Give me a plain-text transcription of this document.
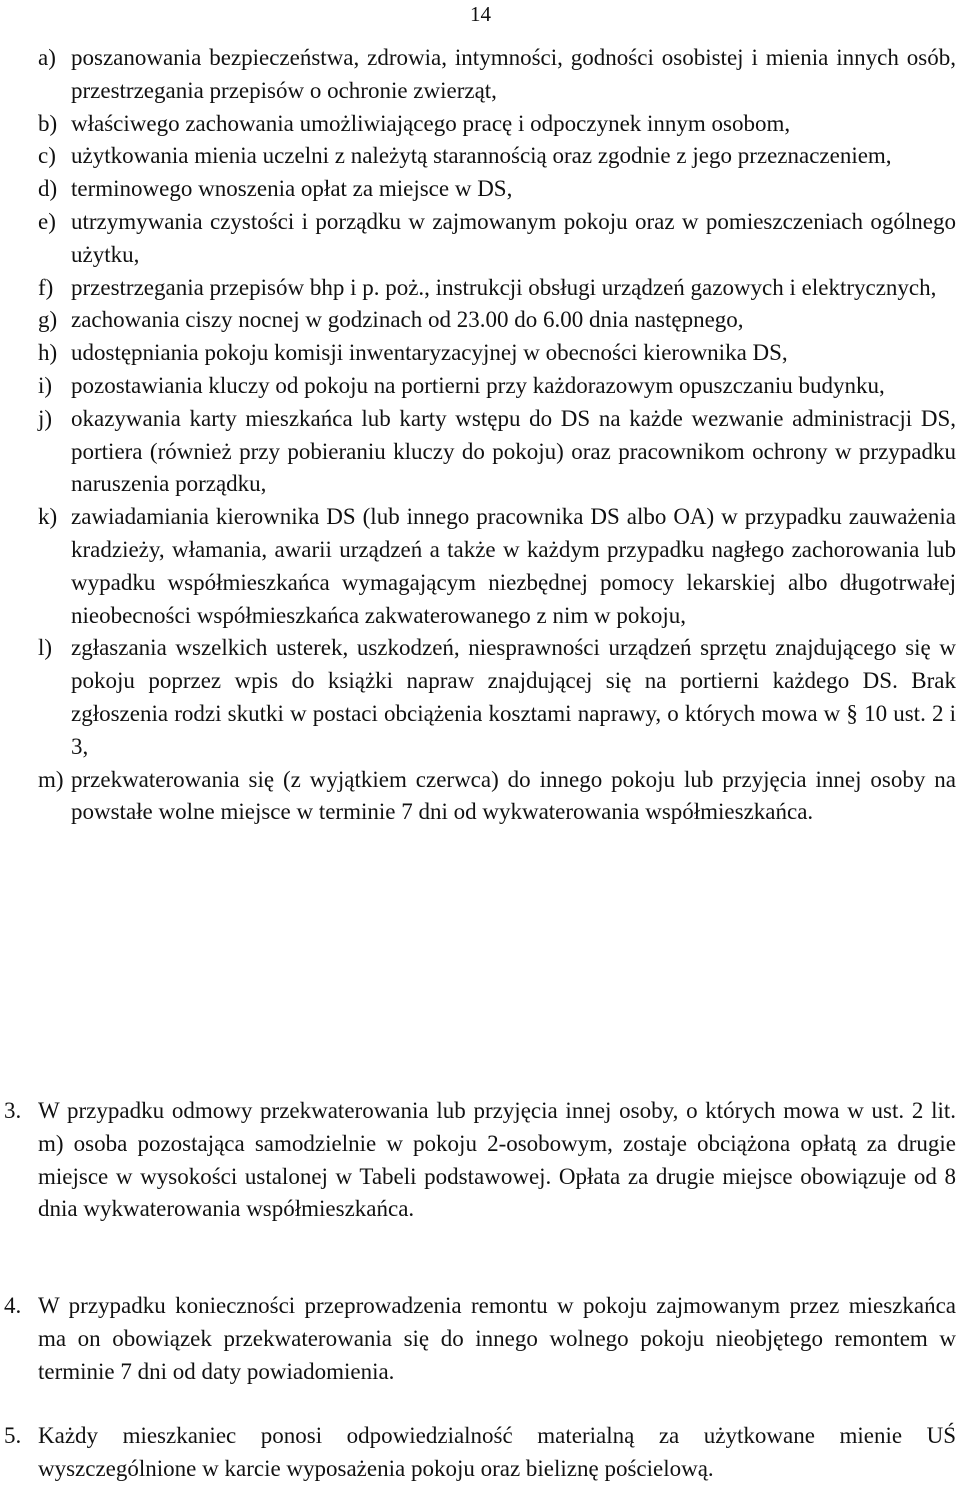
14
a) poszanowania bezpieczeństwa, zdrowia, intymności, godności osobistej i mienia innych osób, przestrzegania przepisów o ochronie zwierząt,
b) właściwego zachowania umożliwiającego pracę i odpoczynek innym osobom,
c) użytkowania mienia uczelni z należytą starannością oraz zgodnie z jego przeznaczeniem,
d) terminowego wnoszenia opłat za miejsce w DS,
e) utrzymywania czystości i porządku w zajmowanym pokoju oraz w pomieszczeniach ogólnego użytku,
f) przestrzegania przepisów bhp i p. poż., instrukcji obsługi urządzeń gazowych i elektrycznych,
g) zachowania ciszy nocnej w godzinach od 23.00 do 6.00 dnia następnego,
h) udostępniania pokoju komisji inwentaryzacyjnej w obecności kierownika DS,
i) pozostawiania kluczy od pokoju na portierni przy każdorazowym opuszczaniu budynku,
j) okazywania karty mieszkańca lub karty wstępu do DS na każde wezwanie administracji DS, portiera (również przy pobieraniu kluczy do pokoju) oraz pracownikom ochrony w przypadku naruszenia porządku,
k) zawiadamiania kierownika DS (lub innego pracownika DS albo OA) w przypadku zauważenia kradzieży, włamania, awarii urządzeń a także w każdym przypadku nagłego zachorowania lub wypadku współmieszkańca wymagającym niezbędnej pomocy lekarskiej albo długotrwałej nieobecności współmieszkańca zakwaterowanego z nim w pokoju,
l) zgłaszania wszelkich usterek, uszkodzeń, niesprawności urządzeń sprzętu znajdującego się w pokoju poprzez wpis do książki napraw znajdującej się na portierni każdego DS. Brak zgłoszenia rodzi skutki w postaci obciążenia kosztami naprawy, o których mowa w § 10 ust. 2 i 3,
m) przekwaterowania się (z wyjątkiem czerwca) do innego pokoju lub przyjęcia innej osoby na powstałe wolne miejsce w terminie 7 dni od wykwaterowania współmieszkańca.
3. W przypadku odmowy przekwaterowania lub przyjęcia innej osoby, o których mowa w ust. 2 lit. m) osoba pozostająca samodzielnie w pokoju 2-osobowym, zostaje obciążona opłatą za drugie miejsce w wysokości ustalonej w Tabeli podstawowej. Opłata za drugie miejsce obowiązuje od 8 dnia wykwaterowania współmieszkańca.
4. W przypadku konieczności przeprowadzenia remontu w pokoju zajmowanym przez mieszkańca ma on obowiązek przekwaterowania się do innego wolnego pokoju nieobjętego remontem w terminie 7 dni od daty powiadomienia.
5. Każdy mieszkaniec ponosi odpowiedzialność materialną za użytkowane mienie UŚ wyszczególnione w karcie wyposażenia pokoju oraz bieliznę pościelową.
